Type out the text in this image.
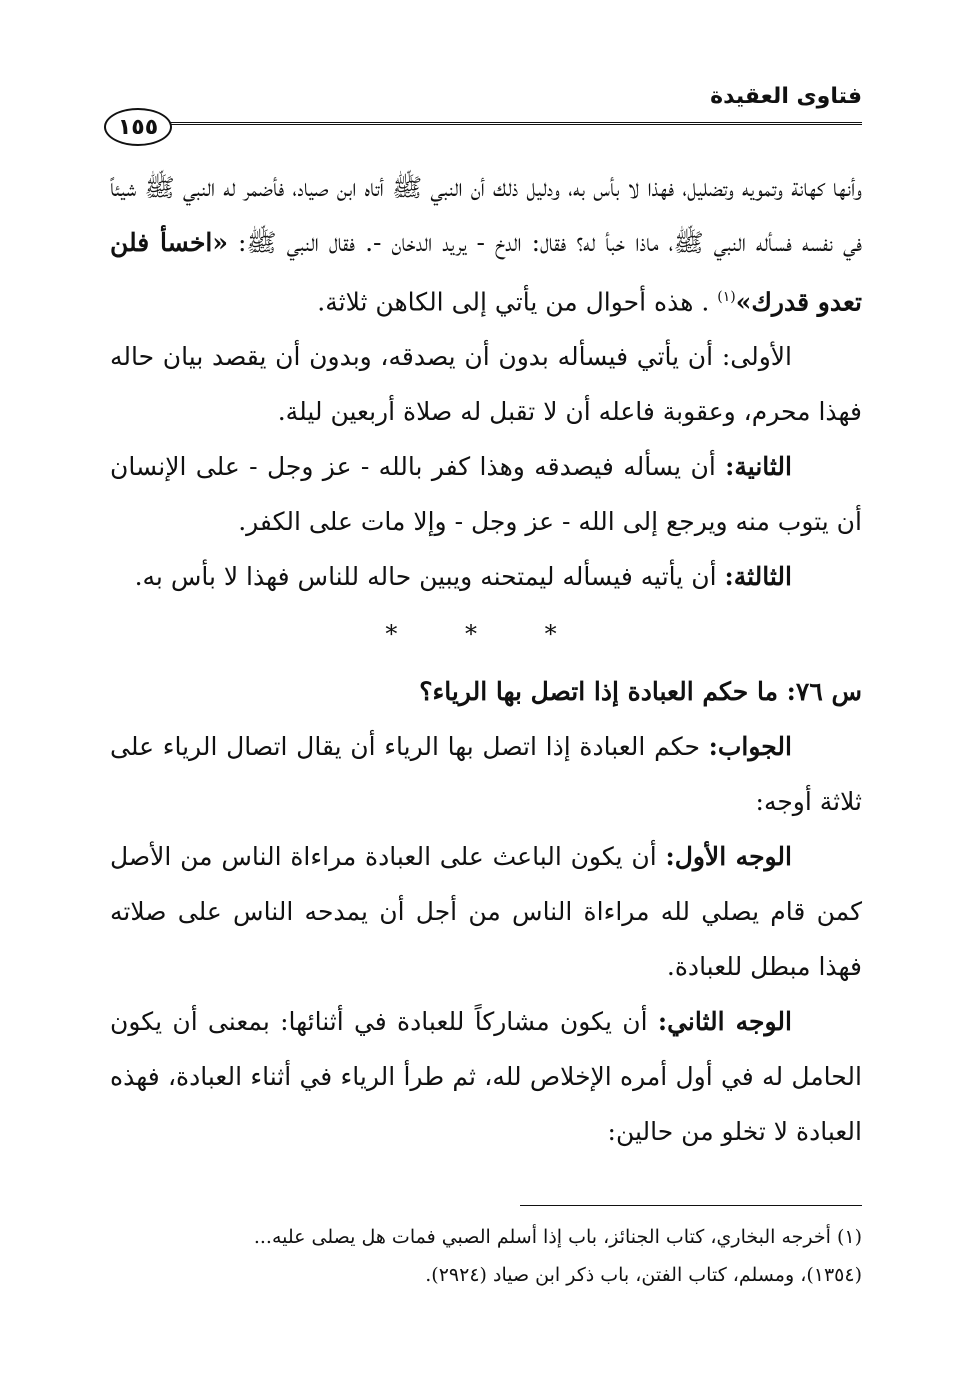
فتاوى العقيدة
١٥٥

وأنها كهانة وتمويه وتضليل، فهذا لا بأس به، ودليل ذلك أن النبي ﷺ أتاه ابن صياد، فأضمر له النبي ﷺ شيئاً في نفسه فسأله النبي ﷺ، ماذا خبأ له؟ فقال: الدخ - يريد الدخان -. فقال النبي ﷺ: «اخسأ فلن تعدو قدرك»$^{(١)}$ . هذه أحوال من يأتي إلى الكاهن ثلاثة.

الأولى: أن يأتي فيسأله بدون أن يصدقه، وبدون أن يقصد بيان حاله فهذا محرم، وعقوبة فاعله أن لا تقبل له صلاة أربعين ليلة.

الثانية: أن يسأله فيصدقه وهذا كفر بالله - عز وجل - على الإنسان أن يتوب منه ويرجع إلى الله - عز وجل - وإلا مات على الكفر.

الثالثة: أن يأتيه فيسأله ليمتحنه ويبين حاله للناس فهذا لا بأس به.

* * *

س ٧٦: ما حكم العبادة إذا اتصل بها الرياء؟

الجواب: حكم العبادة إذا اتصل بها الرياء أن يقال اتصال الرياء على ثلاثة أوجه:

الوجه الأول: أن يكون الباعث على العبادة مراءاة الناس من الأصل كمن قام يصلي لله مراءاة الناس من أجل أن يمدحه الناس على صلاته فهذا مبطل للعبادة.

الوجه الثاني: أن يكون مشاركاً للعبادة في أثنائها: بمعنى أن يكون الحامل له في أول أمره الإخلاص لله، ثم طرأ الرياء في أثناء العبادة، فهذه العبادة لا تخلو من حالين:

(١) أخرجه البخاري، كتاب الجنائز، باب إذا أسلم الصبي فمات هل يصلى عليه...

(١٣٥٤)، ومسلم، كتاب الفتن، باب ذكر ابن صياد (٢٩٢٤).
